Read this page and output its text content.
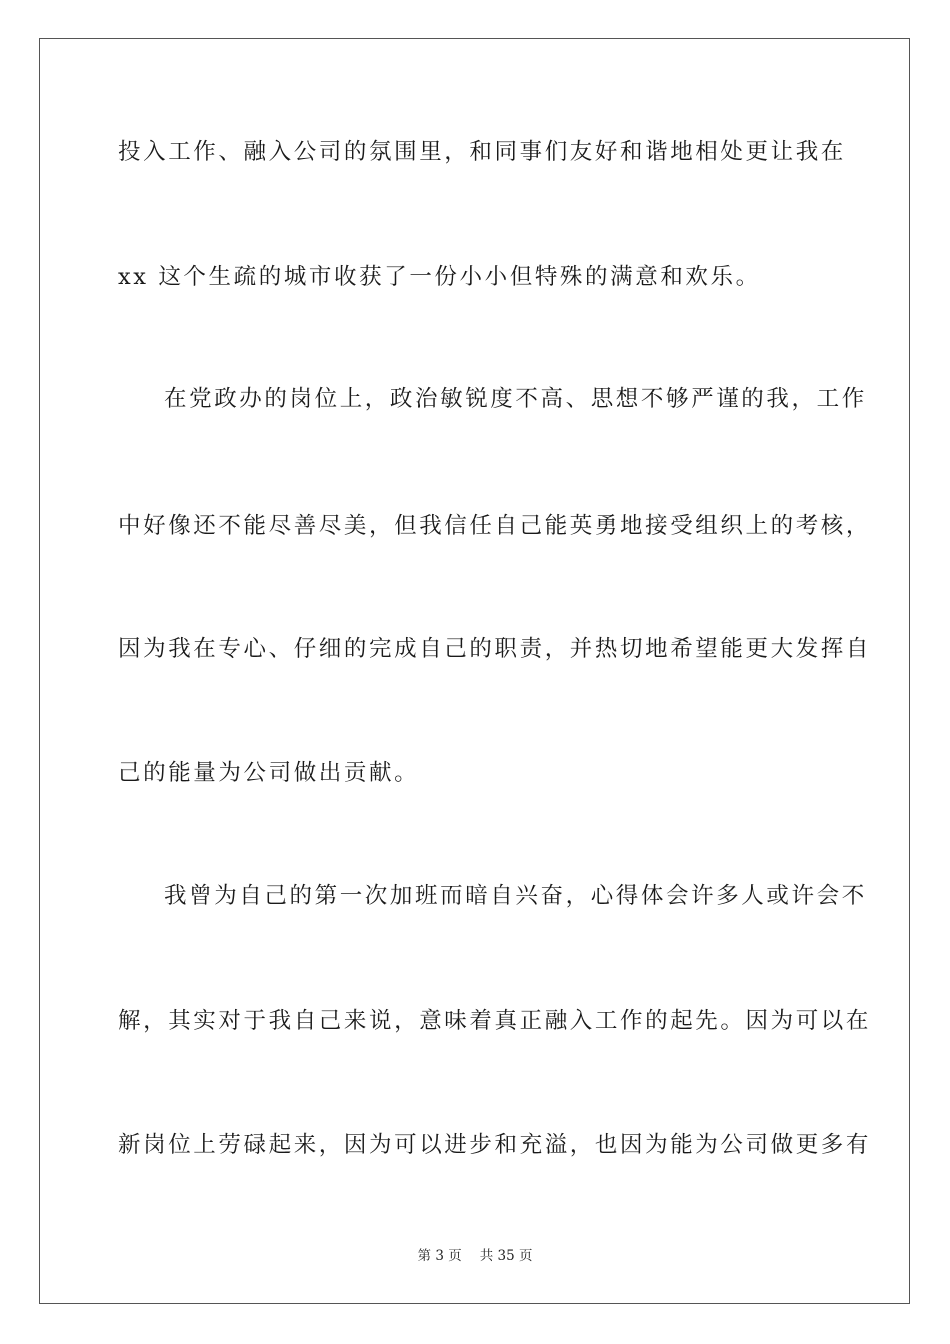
投入工作、融入公司的氛围里，和同事们友好和谐地相处更让我在
xx 这个生疏的城市收获了一份小小但特殊的满意和欢乐。
在党政办的岗位上，政治敏锐度不高、思想不够严谨的我，工作
中好像还不能尽善尽美，但我信任自己能英勇地接受组织上的考核，
因为我在专心、仔细的完成自己的职责，并热切地希望能更大发挥自
己的能量为公司做出贡献。
我曾为自己的第一次加班而暗自兴奋，心得体会许多人或许会不
解，其实对于我自己来说，意味着真正融入工作的起先。因为可以在
新岗位上劳碌起来，因为可以进步和充溢，也因为能为公司做更多有
第 3 页 共 35 页
